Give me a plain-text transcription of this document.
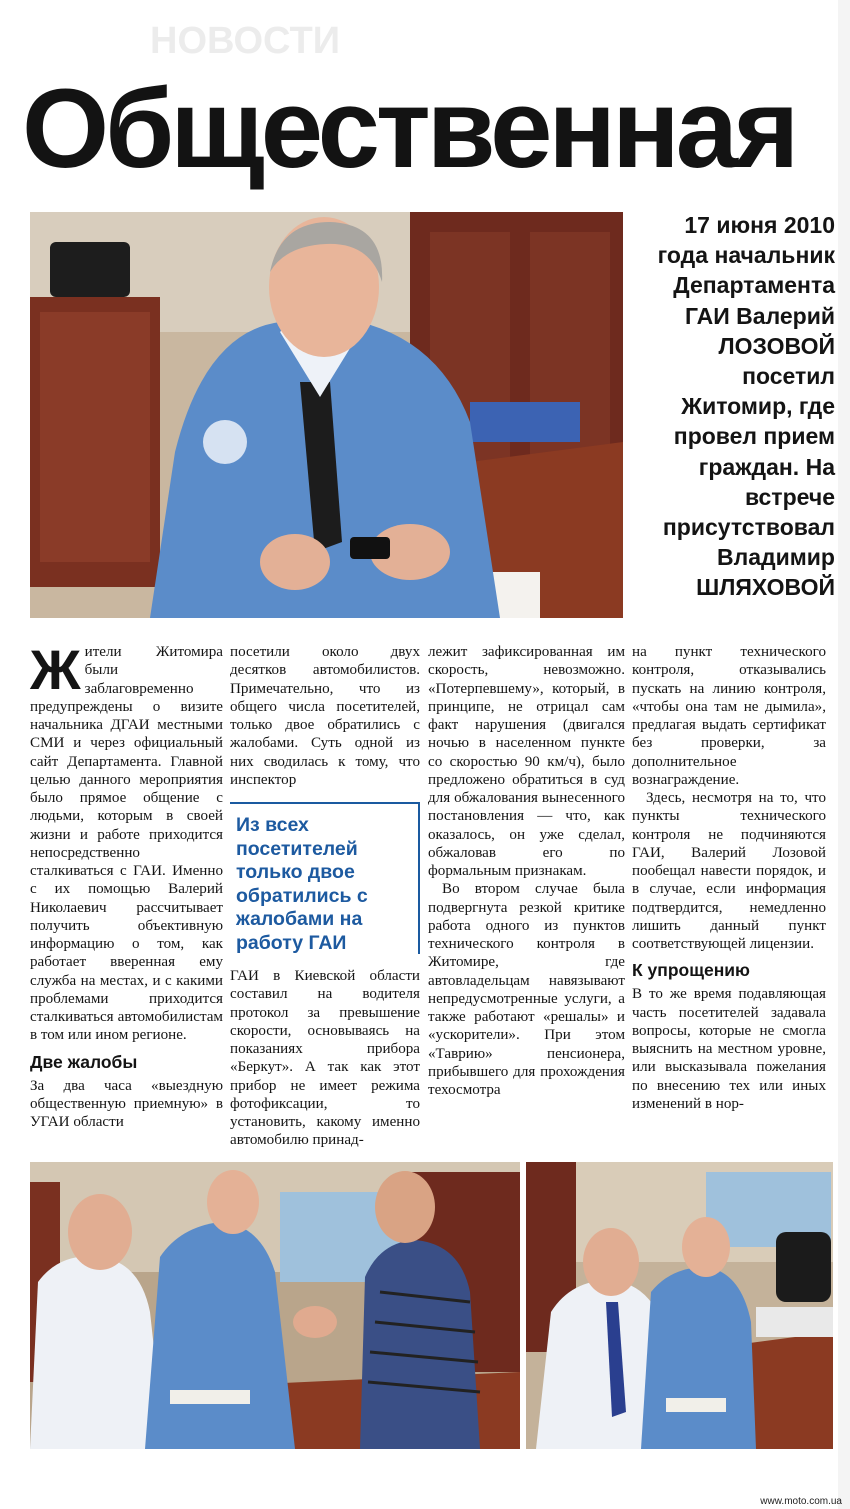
НОВОСТИ
Общественная
17 июня 2010 года начальник Департамента ГАИ Валерий ЛОЗОВОЙ посетил Житомир, где провел прием граждан. На встрече присутствовал Владимир ШЛЯХОВОЙ
Ж ители Житомира были заблаговременно предупреждены о визите начальника ДГАИ местными СМИ и через официальный сайт Департамента. Главной целью данного мероприятия было прямое общение с людьми, которым в своей жизни и работе приходится непосредственно сталкиваться с ГАИ. Именно с их помощью Валерий Николаевич рассчитывает получить объективную информацию о том, как работает вверенная ему служба на местах, и с какими проблемами приходится сталкиваться автомобилистам в том или ином регионе.

Две жалобы

За два часа «выездную общественную приемную» в УГАИ области

посетили около двух десятков автомобилистов. Примечательно, что из общего числа посетителей, только двое обратились с жалобами. Суть одной из них сводилась к тому, что инспектор

Из всех посетителей только двое обратились с жалобами на работу ГАИ

ГАИ в Киевской области составил на водителя протокол за превышение скорости, основываясь на показаниях прибора «Беркут». А так как этот прибор не имеет режима фотофиксации, то установить, какому именно автомобилю принад-

лежит зафиксированная им скорость, невозможно. «Потерпевшему», который, в принципе, не отрицал сам факт нарушения (двигался ночью в населенном пункте со скоростью 90 км/ч), было предложено обратиться в суд для обжалования вынесенного постановления — что, как оказалось, он уже сделал, обжаловав его по формальным признакам.

Во втором случае была подвергнута резкой критике работа одного из пунктов технического контроля в Житомире, где автовладельцам навязывают непредусмотренные услуги, а также работают «решалы» и «ускорители». При этом «Таврию» пенсионера, прибывшего для прохождения техосмотра

на пункт технического контроля, отказывались пускать на линию контроля, «чтобы она там не дымила», предлагая выдать сертификат без проверки, за дополнительное вознаграждение.

Здесь, несмотря на то, что пункты технического контроля не подчиняются ГАИ, Валерий Лозовой пообещал навести порядок, и в случае, если информация подтвердится, немедленно лишить данный пункт соответствующей лицензии.

К упрощению

В то же время подавляющая часть посетителей задавала вопросы, которые не смогла выяснить на местном уровне, или высказывала пожелания по внесению тех или иных изменений в нор-

www.moto.com.ua
